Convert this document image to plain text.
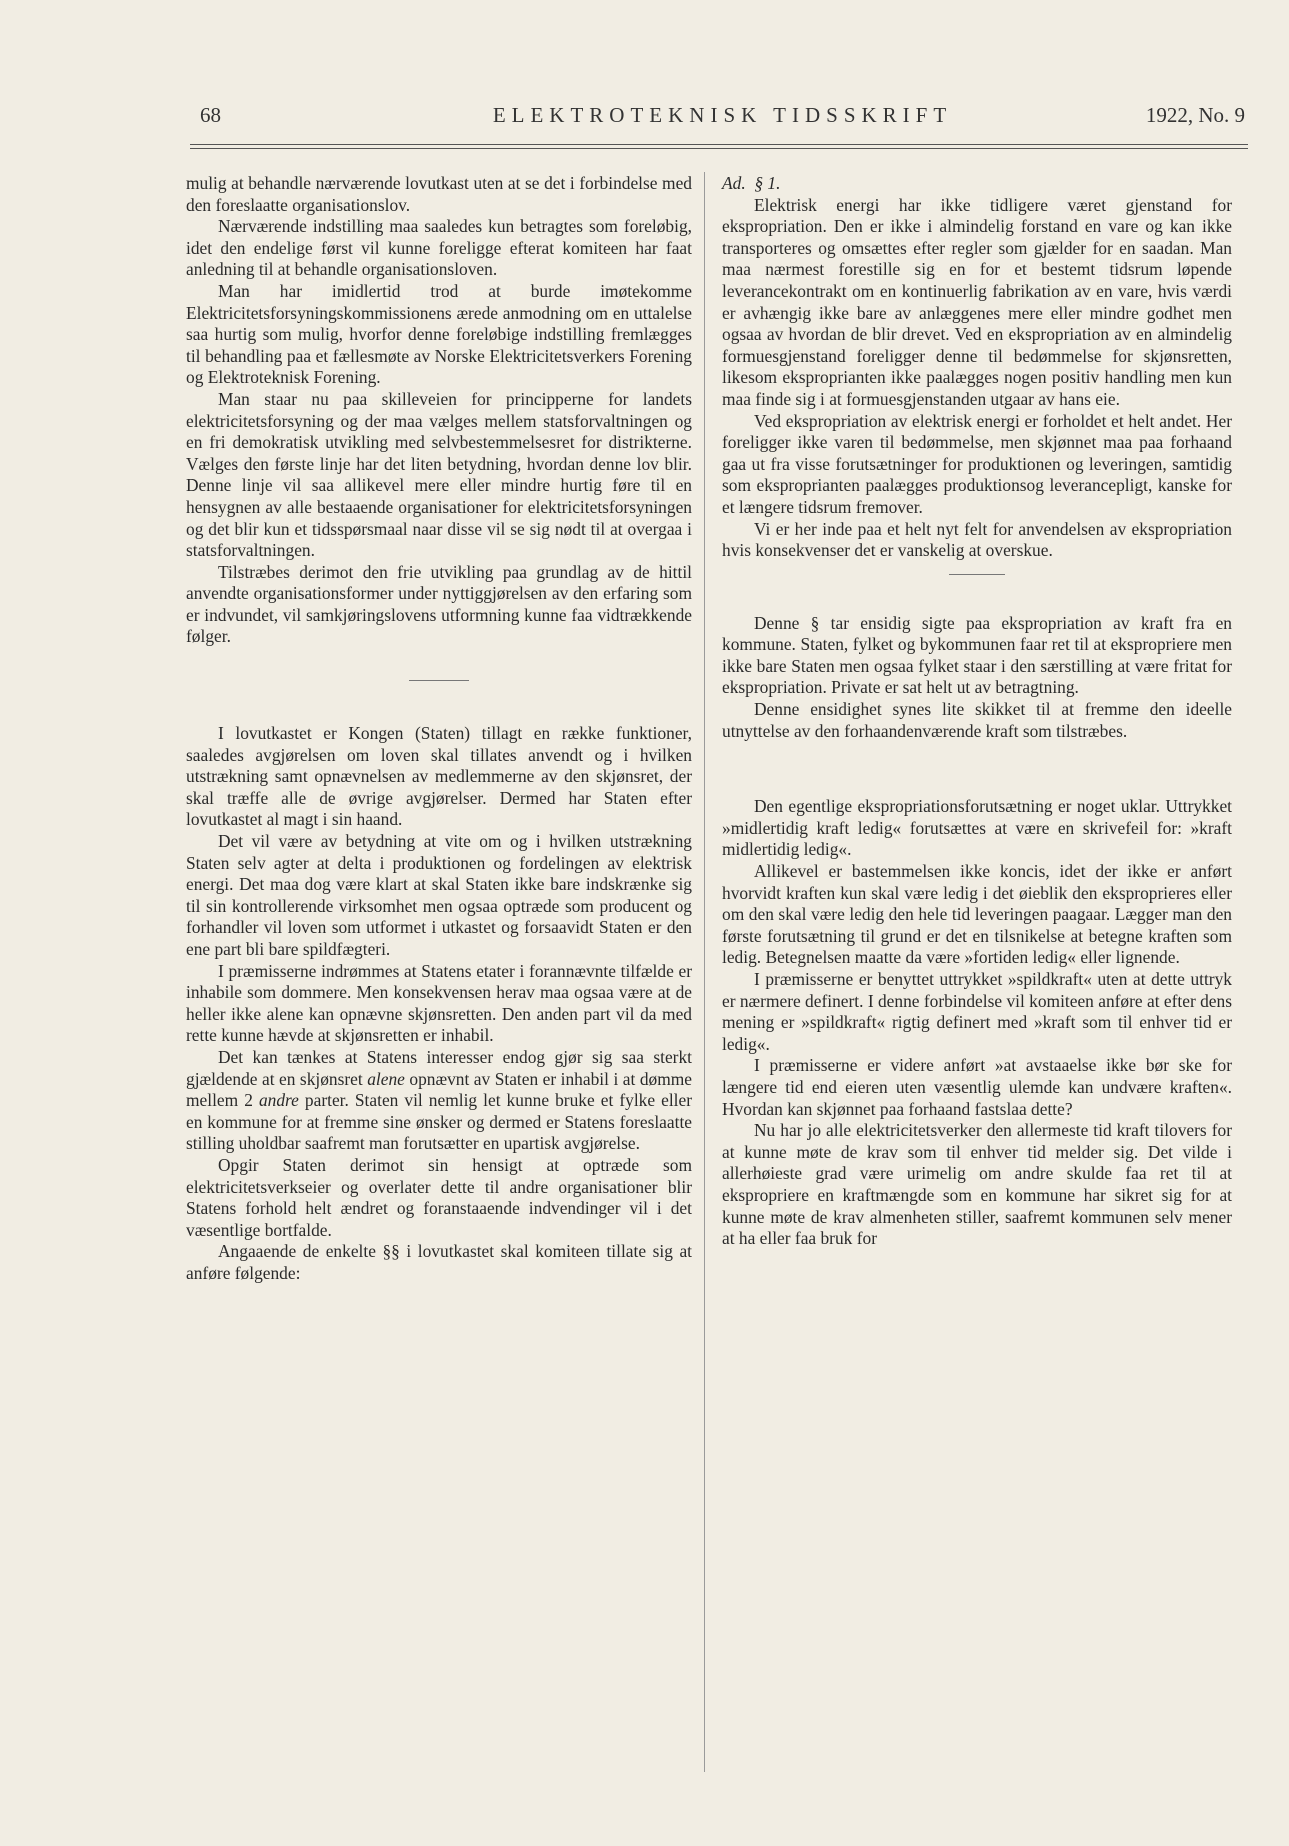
68	ELEKTROTEKNISK TIDSSKRIFT	1922, No. 9

mulig at behandle nærværende lovutkast uten at se det i forbindelse med den foreslaatte organisationslov.

Nærværende indstilling maa saaledes kun betragtes som foreløbig, idet den endelige først vil kunne foreligge efterat komiteen har faat anledning til at behandle organisationsloven.

Man har imidlertid trod at burde imøtekomme Elektricitetsforsyningskommissionens ærede anmodning om en uttalelse saa hurtig som mulig, hvorfor denne foreløbige indstilling fremlægges til behandling paa et fællesmøte av Norske Elektricitetsverkers Forening og Elektroteknisk Forening.

Man staar nu paa skilleveien for principperne for landets elektricitetsforsyning og der maa vælges mellem statsforvaltningen og en fri demokratisk utvikling med selvbestemmelsesret for distrikterne. Vælges den første linje har det liten betydning, hvordan denne lov blir. Denne linje vil saa allikevel mere eller mindre hurtig føre til en hensygnen av alle bestaaende organisationer for elektricitetsforsyningen og det blir kun et tidsspørsmaal naar disse vil se sig nødt til at overgaa i statsforvaltningen.

Tilstræbes derimot den frie utvikling paa grundlag av de hittil anvendte organisationsformer under nyttiggjørelsen av den erfaring som er indvundet, vil samkjøringslovens utformning kunne faa vidtrækkende følger.

I lovutkastet er Kongen (Staten) tillagt en række funktioner, saaledes avgjørelsen om loven skal tillates anvendt og i hvilken utstrækning samt opnævnelsen av medlemmerne av den skjønsret, der skal træffe alle de øvrige avgjørelser. Dermed har Staten efter lovutkastet al magt i sin haand.

Det vil være av betydning at vite om og i hvilken utstrækning Staten selv agter at delta i produktionen og fordelingen av elektrisk energi. Det maa dog være klart at skal Staten ikke bare indskrænke sig til sin kontrollerende virksomhet men ogsaa optræde som producent og forhandler vil loven som utformet i utkastet og forsaavidt Staten er den ene part bli bare spildfægteri.

I præmisserne indrømmes at Statens etater i forannævnte tilfælde er inhabile som dommere. Men konsekvensen herav maa ogsaa være at de heller ikke alene kan opnævne skjønsretten. Den anden part vil da med rette kunne hævde at skjønsretten er inhabil.

Det kan tænkes at Statens interesser endog gjør sig saa sterkt gjældende at en skjønsret alene opnævnt av Staten er inhabil i at dømme mellem 2 andre parter. Staten vil nemlig let kunne bruke et fylke eller en kommune for at fremme sine ønsker og dermed er Statens foreslaatte stilling uholdbar saafremt man forutsætter en upartisk avgjørelse.

Opgir Staten derimot sin hensigt at optræde som elektricitetsverkseier og overlater dette til andre organisationer blir Statens forhold helt ændret og foranstaaende indvendinger vil i det væsentlige bortfalde.

Angaaende de enkelte §§ i lovutkastet skal komiteen tillate sig at anføre følgende:

Ad. § 1.

Elektrisk energi har ikke tidligere været gjenstand for ekspropriation. Den er ikke i almindelig forstand en vare og kan ikke transporteres og omsættes efter regler som gjælder for en saadan. Man maa nærmest forestille sig en for et bestemt tidsrum løpende leverancekontrakt om en kontinuerlig fabrikation av en vare, hvis værdi er avhængig ikke bare av anlæggenes mere eller mindre godhet men ogsaa av hvordan de blir drevet. Ved en ekspropriation av en almindelig formuesgjenstand foreligger denne til bedømmelse for skjønsretten, likesom eksproprianten ikke paalægges nogen positiv handling men kun maa finde sig i at formuesgjenstanden utgaar av hans eie.

Ved ekspropriation av elektrisk energi er forholdet et helt andet. Her foreligger ikke varen til bedømmelse, men skjønnet maa paa forhaand gaa ut fra visse forutsætninger for produktionen og leveringen, samtidig som eksproprianten paalægges produktionsog leverancepligt, kanske for et længere tidsrum fremover.

Vi er her inde paa et helt nyt felt for anvendelsen av ekspropriation hvis konsekvenser det er vanskelig at overskue.

Denne § tar ensidig sigte paa ekspropriation av kraft fra en kommune. Staten, fylket og bykommunen faar ret til at ekspropriere men ikke bare Staten men ogsaa fylket staar i den særstilling at være fritat for ekspropriation. Private er sat helt ut av betragtning.

Denne ensidighet synes lite skikket til at fremme den ideelle utnyttelse av den forhaandenværende kraft som tilstræbes.

Den egentlige ekspropriationsforutsætning er noget uklar. Uttrykket »midlertidig kraft ledig« forutsættes at være en skrivefeil for: »kraft midlertidig ledig«.

Allikevel er bastemmelsen ikke koncis, idet der ikke er anført hvorvidt kraften kun skal være ledig i det øieblik den eksproprieres eller om den skal være ledig den hele tid leveringen paagaar. Lægger man den første forutsætning til grund er det en tilsnikelse at betegne kraften som ledig. Betegnelsen maatte da være »fortiden ledig« eller lignende.

I præmisserne er benyttet uttrykket »spildkraft« uten at dette uttryk er nærmere definert. I denne forbindelse vil komiteen anføre at efter dens mening er »spildkraft« rigtig definert med »kraft som til enhver tid er ledig«.

I præmisserne er videre anført »at avstaaelse ikke bør ske for længere tid end eieren uten væsentlig ulemde kan undvære kraften«. Hvordan kan skjønnet paa forhaand fastslaa dette?

Nu har jo alle elektricitetsverker den allermeste tid kraft tilovers for at kunne møte de krav som til enhver tid melder sig. Det vilde i allerhøieste grad være urimelig om andre skulde faa ret til at ekspropriere en kraftmængde som en kommune har sikret sig for at kunne møte de krav almenheten stiller, saafremt kommunen selv mener at ha eller faa bruk for
